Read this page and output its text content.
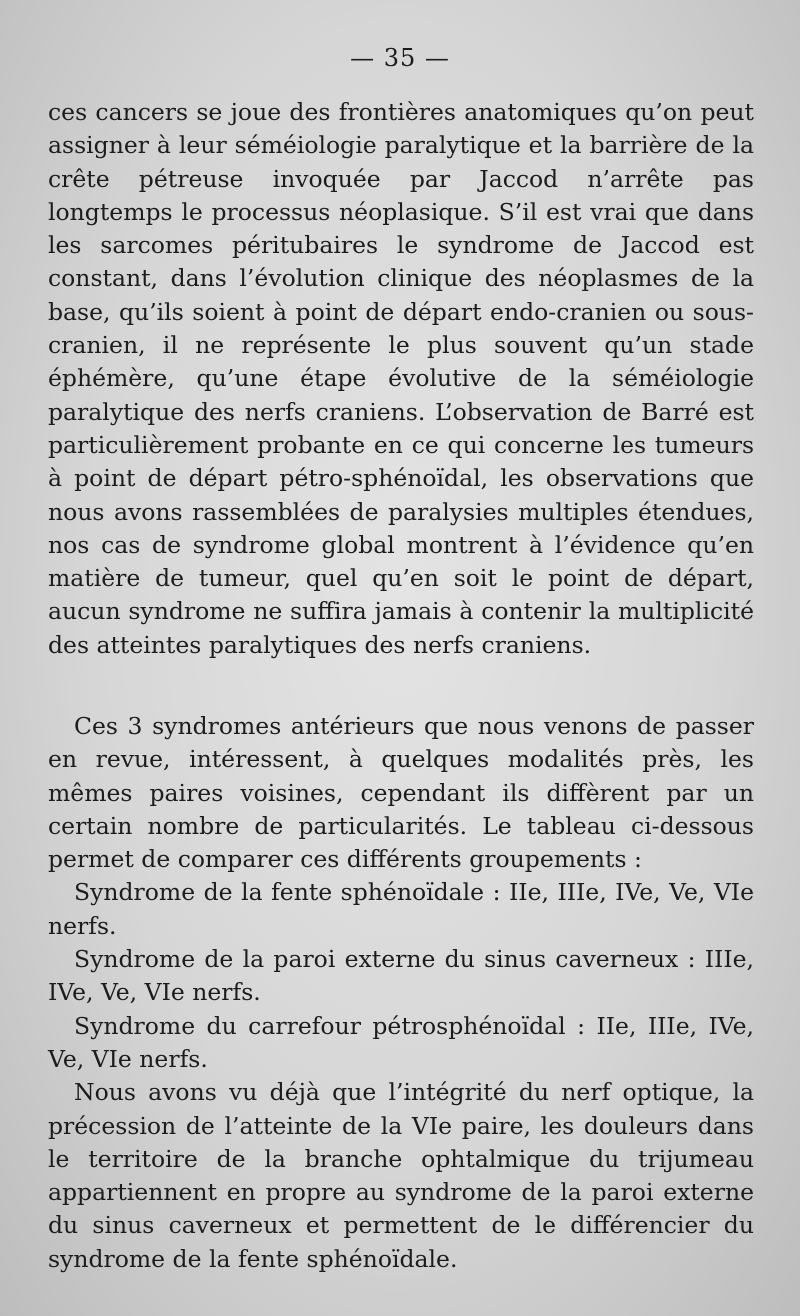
— 35 —

ces cancers se joue des frontières anatomiques qu’on peut assigner à leur séméiologie paralytique et la barrière de la crête pétreuse invoquée par Jaccod n’arrête pas longtemps le processus néoplasique. S’il est vrai que dans les sarcomes péritubaires le syndrome de Jaccod est constant, dans l’évolution clinique des néoplasmes de la base, qu’ils soient à point de départ endo-cranien ou sous-cranien, il ne représente le plus souvent qu’un stade éphémère, qu’une étape évolutive de la séméiologie paralytique des nerfs craniens. L’observation de Barré est particulièrement probante en ce qui concerne les tumeurs à point de départ pétro-sphénoïdal, les observations que nous avons rassemblées de paralysies multiples étendues, nos cas de syndrome global montrent à l’évidence qu’en matière de tumeur, quel qu’en soit le point de départ, aucun syndrome ne suffira jamais à contenir la multiplicité des atteintes paralytiques des nerfs craniens.

Ces 3 syndromes antérieurs que nous venons de passer en revue, intéressent, à quelques modalités près, les mêmes paires voisines, cependant ils diffèrent par un certain nombre de particularités. Le tableau ci-dessous permet de comparer ces différents groupements :

Syndrome de la fente sphénoïdale : IIe, IIIe, IVe, Ve, VIe nerfs.

Syndrome de la paroi externe du sinus caverneux : IIIe, IVe, Ve, VIe nerfs.

Syndrome du carrefour pétrosphénoïdal : IIe, IIIe, IVe, Ve, VIe nerfs.

Nous avons vu déjà que l’intégrité du nerf optique, la précession de l’atteinte de la VIe paire, les douleurs dans le territoire de la branche ophtalmique du trijumeau appartiennent en propre au syndrome de la paroi externe du sinus caverneux et permettent de le différencier du syndrome de la fente sphénoïdale.
